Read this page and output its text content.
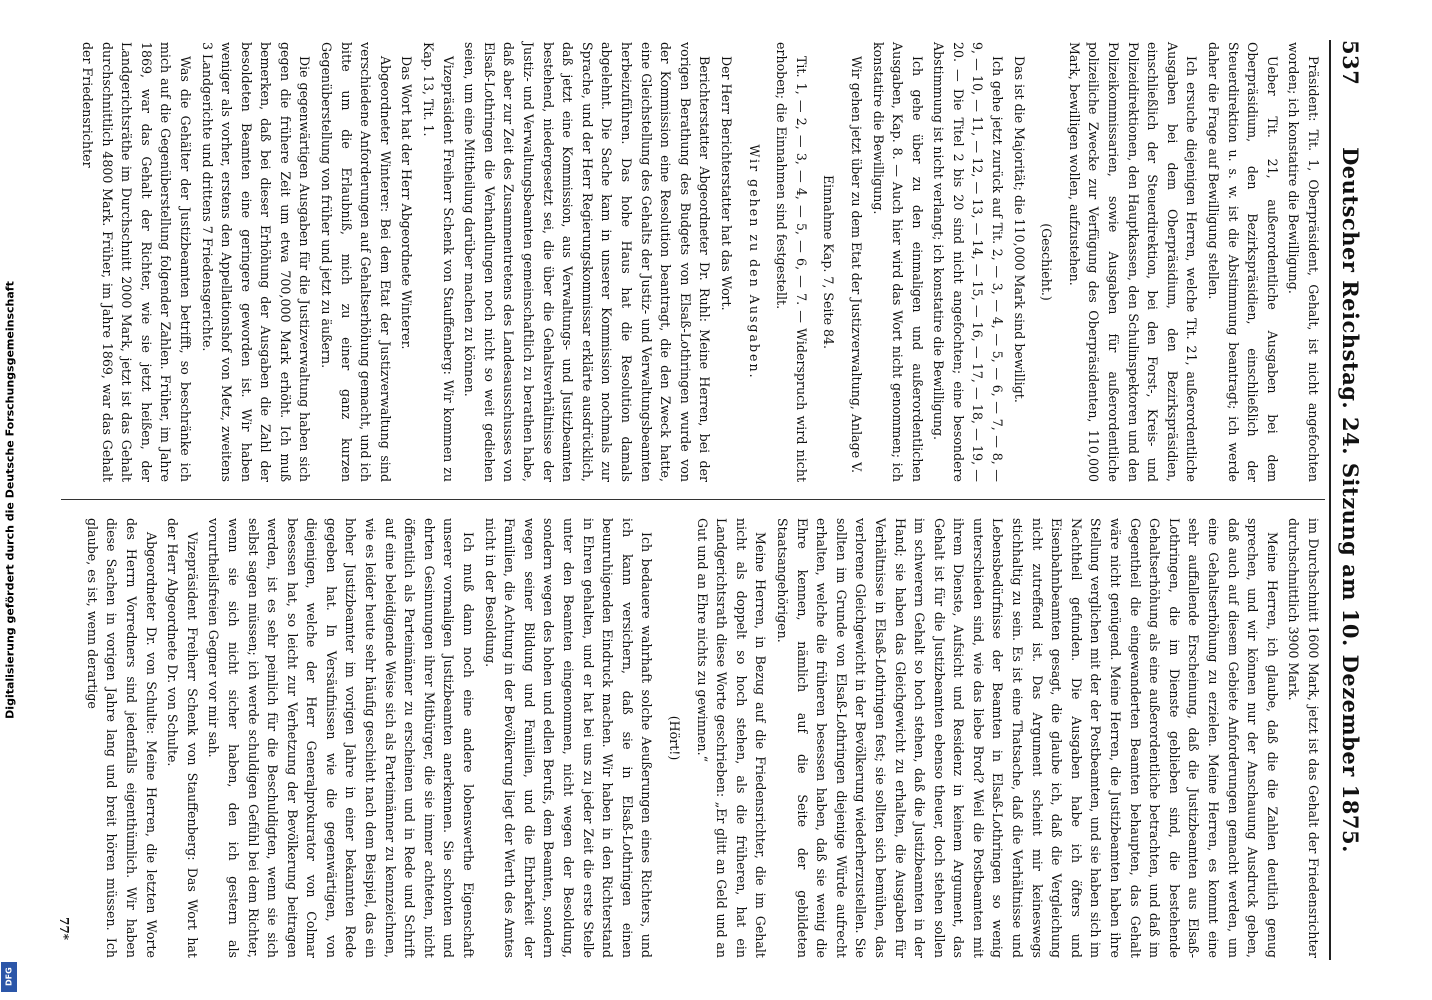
537
Deutscher Reichstag. 24. Sitzung am 10. Dezember 1875.

Präsident: Tit. 1, Oberpräsident, Gehalt, ist nicht angefochten worden; ich konstatire die Bewilligung.

Ueber Tit. 21, außerordentliche Ausgaben bei dem Oberpräsidium, den Bezirkspräsidien, einschließlich der Steuerdirektion u. s. w. ist die Abstimmung beantragt; ich werde daher die Frage auf Bewilligung stellen.

Ich ersuche diejenigen Herren, welche Tit. 21, außerordentliche Ausgaben bei dem Oberpräsidium, den Bezirkspräsidien, einschließlich der Steuerdirektion, bei den Forst-, Kreis- und Polizeidirektionen, den Hauptkassen, den Schulinspektoren und den Polizeikommissarien, sowie Ausgaben für außerordentliche polizeiliche Zwecke zur Verfügung des Oberpräsidenten, 110,000 Mark, bewilligen wollen, aufzustehen.

(Geschieht.)

Das ist die Majorität; die 110,000 Mark sind bewilligt.

Ich gehe jetzt zurück auf Tit. 2, — 3, — 4, — 5, — 6, — 7, — 8, — 9, — 10, — 11, — 12, — 13, — 14, — 15, — 16, — 17, — 18, — 19, — 20. — Die Titel 2 bis 20 sind nicht angefochten; eine besondere Abstimmung ist nicht verlangt; ich konstatire die Bewilligung.

Ich gehe über zu den einmaligen und außerordentlichen Ausgaben, Kap. 8. — Auch hier wird das Wort nicht genommen; ich konstatire die Bewilligung.

Wir gehen jetzt über zu dem Etat der Justizverwaltung, Anlage V.

Einnahme Kap. 7, Seite 84.

Tit. 1, — 2, — 3, — 4, — 5, — 6, — 7. — Widerspruch wird nicht erhoben; die Einnahmen sind festgestellt.

Wir gehen zu den Ausgaben.

Der Herr Berichterstatter hat das Wort.

Berichterstatter Abgeordneter Dr. Ruhl: Meine Herren, bei der vorigen Berathung des Budgets von Elsaß-Lothringen wurde von der Kommission eine Resolution beantragt, die den Zweck hatte, eine Gleichstellung des Gehalts der Justiz- und Verwaltungsbeamten herbeizuführen. Das hohe Haus hat die Resolution damals abgelehnt. Die Sache kam in unserer Kommission nochmals zur Sprache, und der Herr Regierungskommissar erklärte ausdrücklich, daß jetzt eine Kommission, aus Verwaltungs- und Justizbeamten bestehend, niedergesetzt sei, die über die Gehaltsverhältnisse der Justiz- und Verwaltungsbeamten gemeinschaftlich zu berathen habe, daß aber zur Zeit des Zusammentretens des Landesausschusses von Elsaß-Lothringen die Verhandlungen noch nicht so weit gediehen seien, um eine Mittheilung darüber machen zu können.

Vizepräsident Freiherr Schenk von Stauffenberg: Wir kommen zu Kap. 13, Tit. 1.

Das Wort hat der Herr Abgeordnete Winterer.

Abgeordneter Winterer: Bei dem Etat der Justizverwaltung sind verschiedene Anforderungen auf Gehaltserhöhung gemacht, und ich bitte um die Erlaubniß, mich zu einer ganz kurzen Gegenüberstellung von früher und jetzt zu äußern.

Die gegenwärtigen Ausgaben für die Justizverwaltung haben sich gegen die frühere Zeit um etwa 700,000 Mark erhöht. Ich muß bemerken, daß bei dieser Erhöhung der Ausgaben die Zahl der besoldeten Beamten eine geringere geworden ist. Wir haben weniger als vorher, erstens den Appellationshof von Metz, zweitens 3 Landgerichte und drittens 7 Friedensgerichte.

Was die Gehälter der Justizbeamten betrifft, so beschränke ich mich auf die Gegenüberstellung folgender Zahlen. Früher, im Jahre 1869, war das Gehalt der Richter, wie sie jetzt heißen, der Landgerichtsräthe im Durchschnitt 2000 Mark, jetzt ist das Gehalt durchschnittlich 4800 Mark. Früher, im Jahre 1869, war das Gehalt der Friedensrichter

im Durchschnitt 1600 Mark, jetzt ist das Gehalt der Friedensrichter durchschnittlich 3900 Mark.

Meine Herren, ich glaube, daß die die Zahlen deutlich genug sprechen, und wir können nur der Anschauung Ausdruck geben, daß auch auf diesem Gebiete Anforderungen gemacht werden, um eine Gehaltserhöhung zu erzielen. Meine Herren, es kommt eine sehr auffallende Erscheinung, daß die Justizbeamten aus Elsaß-Lothringen, die im Dienste geblieben sind, die bestehende Gehaltserhöhung als eine außerordentliche betrachten, und daß im Gegentheil die eingewanderten Beamten behaupten, das Gehalt wäre nicht genügend. Meine Herren, die Justizbeamten haben ihre Stellung verglichen mit der der Postbeamten, und sie haben sich im Nachtheil gefunden. Die Ausgaben habe ich öfters und Eisenbahnbeamten gesagt, die glaube ich, daß die Vergleichung nicht zutreffend ist. Das Argument scheint mir keineswegs stichhaltig zu sein. Es ist eine Thatsache, daß die Verhältnisse und Lebensbedürfnisse der Beamten in Elsaß-Lothringen so wenig unterschieden sind, wie das liebe Brod? Weil die Postbeamten mit ihrem Dienste, Aufsicht und Residenz in keinem Argument, das Gehalt ist für die Justizbeamten ebenso theuer, doch stehen sollen im schwerern Gehalt so hoch stehen, daß die Justizbeamten in der Hand; sie haben das Gleichgewicht zu erhalten, die Ausgaben für Verhältnisse in Elsaß-Lothringen fest; sie sollten sich bemühen, das verlorene Gleichgewicht in der Bevölkerung wiederherzustellen. Sie sollten im Grunde von Elsaß-Lothringen diejenige Würde aufrecht erhalten, welche die früheren besessen haben, daß sie wenig die Ehre kennen, nämlich auf die Seite der gebildeten Staatsangehörigen.

Meine Herren, in Bezug auf die Friedensrichter, die im Gehalt nicht als doppelt so hoch stehen, als die früheren, hat ein Landgerichtsrath diese Worte geschrieben: „Er glitt an Geld und an Gut und an Ehre nichts zu gewinnen.“

(Hört!)

Ich bedauere wahrhaft solche Aeußerungen eines Richters, und ich kann versichern, daß sie in Elsaß-Lothringen einen beunruhigenden Eindruck machen. Wir haben in den Richterstand in Ehren gehalten, und er hat bei uns zu jeder Zeit die erste Stelle unter den Beamten eingenommen, nicht wegen der Besoldung, sondern wegen des hohen und edlen Berufs, dem Beamten, sondern wegen seiner Bildung und Familien, und die Ehrbarkeit der Familien, die Achtung in der Bevölkerung liegt der Werth des Amtes nicht in der Besoldung.

Ich muß dann noch eine andere lobenswerthe Eigenschaft unserer vormaligen Justizbeamten anerkennen. Sie schonten und ehrten Gesinnungen ihrer Mitbürger, die sie immer achteten, nicht öffentlich als Parteimänner zu erscheinen und in Rede und Schrift auf eine beleidigende Weise sich als Parteimänner zu kennzeichnen, wie es leider heute sehr häufig geschieht nach dem Beispiel, das ein hoher Justizbeamter im vorigen Jahre in einer bekannten Rede gegeben hat. In Versäufnissen wie die gegenwärtigen, von diejenigen, welche der Herr Generalprokurator von Colmar besessen hat, so leicht zur Verhetzung der Bevölkerung beitragen werden, ist es sehr peinlich für die Beschuldigten, wenn sie sich selbst sagen müssen; ich werde schuldigen Gefühl bei dem Richter, wenn sie sich nicht sicher haben, den ich gestern als vorurtheilsfreien Gegner vor mir sah.

Vizepräsident Freiherr Schenk von Stauffenberg: Das Wort hat der Herr Abgeordnete Dr. von Schulte.

Abgeordneter Dr. von Schulte: Meine Herren, die letzten Worte des Herrn Vorredners sind jedenfalls eigenthümlich. Wir haben diese Sachen in vorigen Jahre lang und breit hören müssen. Ich glaube, es ist, wenn derartige

77*
Digitalisierung gefördert durch die Deutsche Forschungsgemeinschaft
DFG
